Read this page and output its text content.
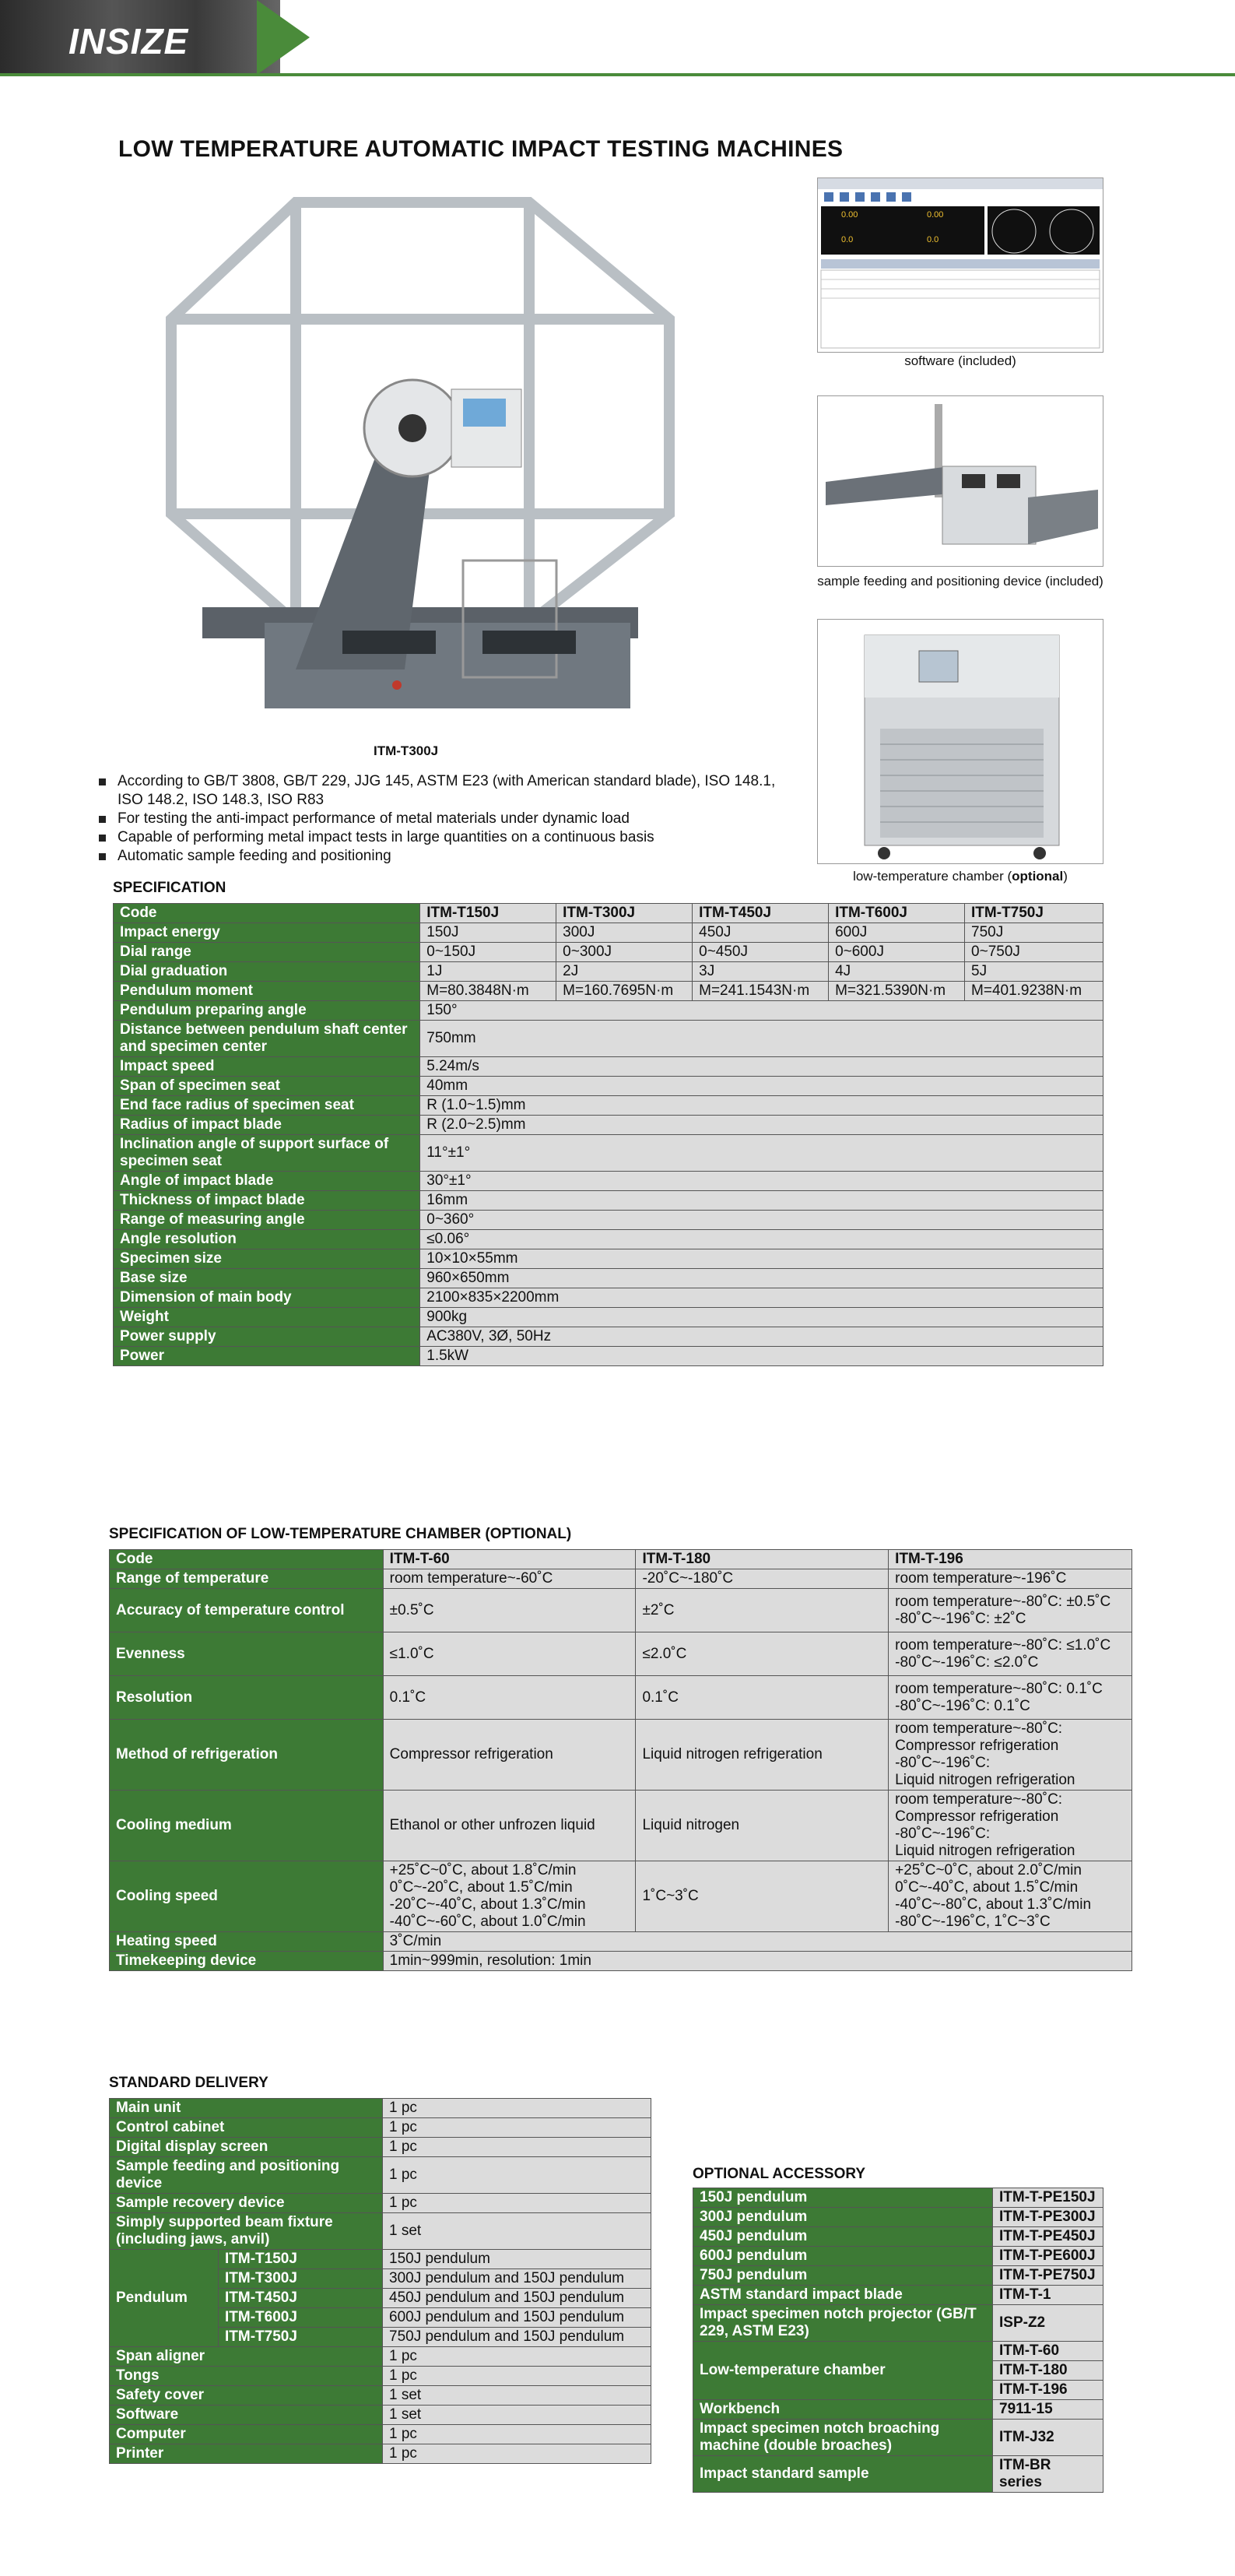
INSIZE
LOW TEMPERATURE AUTOMATIC IMPACT TESTING MACHINES
ITM-T300J
0.00	0.00
0.0	0.0
software (included)
sample feeding and positioning device (included)
low-temperature chamber (optional)
According to GB/T 3808, GB/T 229, JJG 145, ASTM E23 (with American standard blade), ISO 148.1, ISO 148.2, ISO 148.3, ISO R83
For testing the anti-impact performance of metal materials under dynamic load
Capable of performing metal impact tests in large quantities on a continuous basis
Automatic sample feeding and positioning
SPECIFICATION
Code	ITM-T150J	ITM-T300J	ITM-T450J	ITM-T600J	ITM-T750J
Impact energy	150J	300J	450J	600J	750J
Dial range	0~150J	0~300J	0~450J	0~600J	0~750J
Dial graduation	1J	2J	3J	4J	5J
Pendulum moment	M=80.3848N·m	M=160.7695N·m	M=241.1543N·m	M=321.5390N·m	M=401.9238N·m
Pendulum preparing angle	150°				
Distance between pendulum shaft center and specimen center	750mm				
Impact speed	5.24m/s				
Span of specimen seat	40mm				
End face radius of specimen seat	R (1.0~1.5)mm				
Radius of impact blade	R (2.0~2.5)mm				
Inclination angle of support surface of specimen seat	11°±1°				
Angle of impact blade	30°±1°				
Thickness of impact blade	16mm				
Range of measuring angle	0~360°				
Angle resolution	≤0.06°				
Specimen size	10×10×55mm				
Base size	960×650mm				
Dimension of main body	2100×835×2200mm				
Weight	900kg				
Power supply	AC380V, 3Ø, 50Hz				
Power	1.5kW				
SPECIFICATION OF LOW-TEMPERATURE CHAMBER (OPTIONAL)
Code	ITM-T-60	ITM-T-180	ITM-T-196
Range of temperature	room temperature~-60˚C	-20˚C~-180˚C	room temperature~-196˚C
Accuracy of temperature control	±0.5˚C	±2˚C	room temperature~-80˚C: ±0.5˚C
-80˚C~-196˚C: ±2˚C
Evenness	≤1.0˚C	≤2.0˚C	room temperature~-80˚C: ≤1.0˚C
-80˚C~-196˚C: ≤2.0˚C
Resolution	0.1˚C	0.1˚C	room temperature~-80˚C: 0.1˚C
-80˚C~-196˚C: 0.1˚C
Method of refrigeration	Compressor refrigeration	Liquid nitrogen refrigeration	room temperature~-80˚C:
Compressor refrigeration
-80˚C~-196˚C:
Liquid nitrogen refrigeration
Cooling medium	Ethanol or other unfrozen liquid	Liquid nitrogen	room temperature~-80˚C:
Compressor refrigeration
-80˚C~-196˚C:
Liquid nitrogen refrigeration
Cooling speed	+25˚C~0˚C, about 1.8˚C/min
0˚C~-20˚C, about 1.5˚C/min
-20˚C~-40˚C, about 1.3˚C/min
-40˚C~-60˚C, about 1.0˚C/min	1˚C~3˚C	+25˚C~0˚C, about 2.0˚C/min
0˚C~-40˚C, about 1.5˚C/min
-40˚C~-80˚C, about 1.3˚C/min
-80˚C~-196˚C, 1˚C~3˚C
Heating speed	3˚C/min		
Timekeeping device	1min~999min, resolution: 1min		
STANDARD DELIVERY
Main unit		1 pc
Control cabinet		1 pc
Digital display screen		1 pc
Sample feeding and positioning device		1 pc
Sample recovery device		1 pc
Simply supported beam fixture (including jaws, anvil)		1 set
Pendulum	ITM-T150J	150J pendulum
	ITM-T300J	300J pendulum and 150J pendulum
	ITM-T450J	450J pendulum and 150J pendulum
	ITM-T600J	600J pendulum and 150J pendulum
	ITM-T750J	750J pendulum and 150J pendulum
Span aligner		1 pc
Tongs		1 pc
Safety cover		1 set
Software		1 set
Computer		1 pc
Printer		1 pc
OPTIONAL ACCESSORY
150J pendulum	ITM-T-PE150J
300J pendulum	ITM-T-PE300J
450J pendulum	ITM-T-PE450J
600J pendulum	ITM-T-PE600J
750J pendulum	ITM-T-PE750J
ASTM standard impact blade	ITM-T-1
Impact specimen notch projector (GB/T 229, ASTM E23)	ISP-Z2
Low-temperature chamber	ITM-T-60
	ITM-T-180
	ITM-T-196
Workbench	7911-15
Impact specimen notch broaching machine (double broaches)	ITM-J32
Impact standard sample	ITM-BR series
